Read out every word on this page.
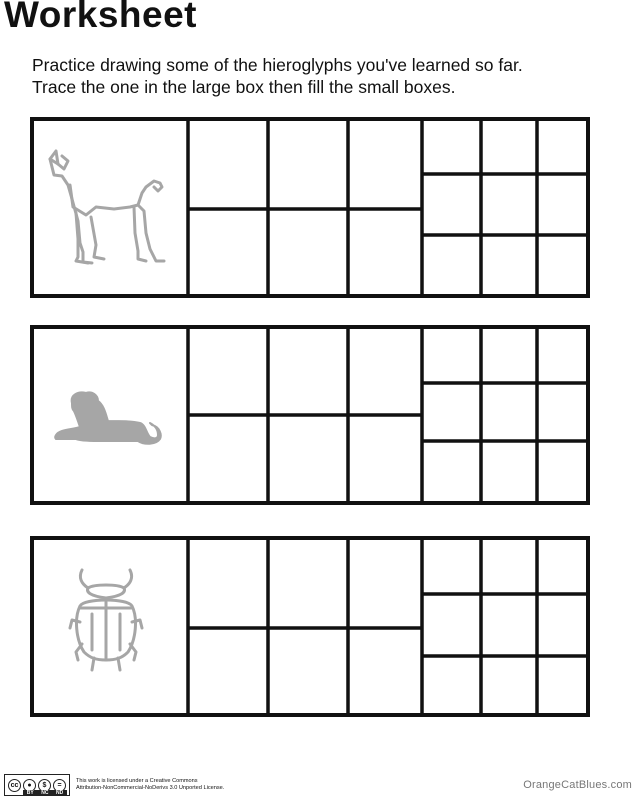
Worksheet
Practice drawing some of the hieroglyphs you've learned so far.
Trace the one in the large box then fill the small boxes.
cc	●	$	=
BY NC ND
This work is licensed under a Creative Commons
Attribution-NonCommercial-NoDerivs 3.0 Unported License.	OrangeCatBlues.com
